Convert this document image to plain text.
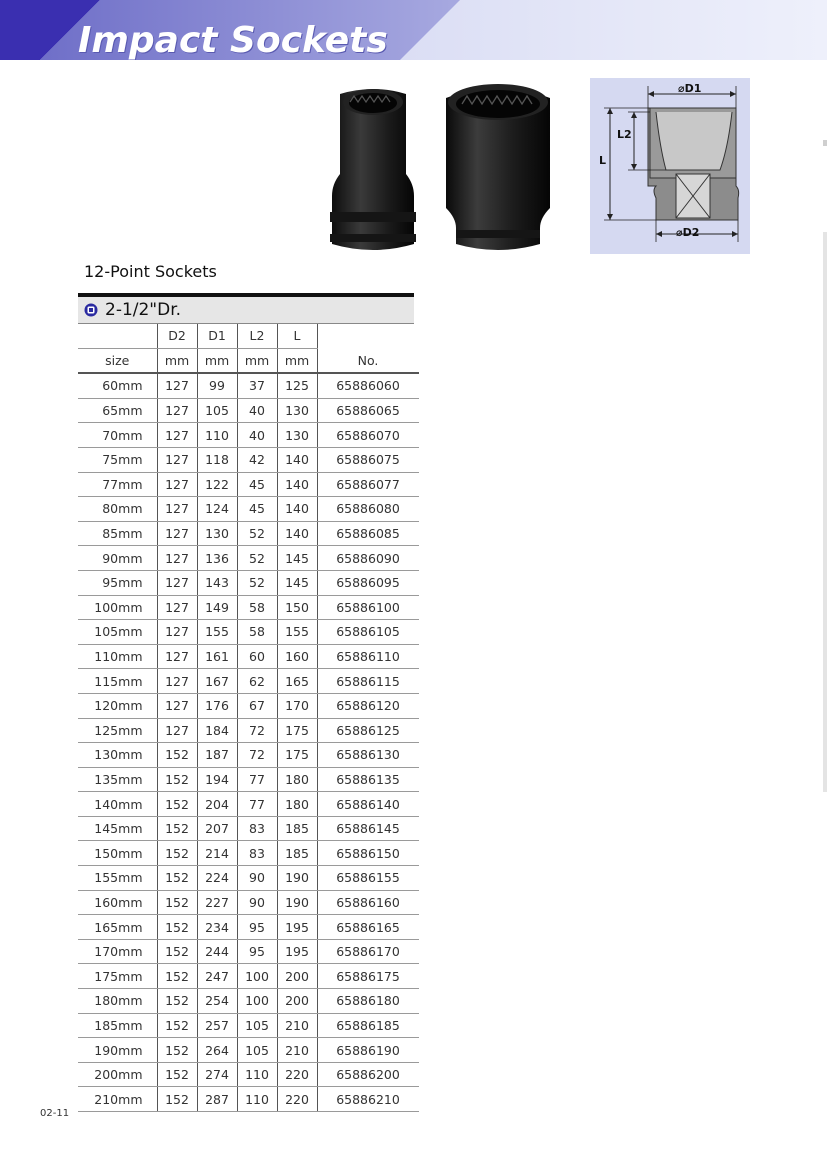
Impact Sockets
⌀D1
L2
L
⌀D2
12-Point Sockets
2-1/2"Dr.
	D2	D1	L2	L	
size	mm	mm	mm	mm	No.
60mm	127	99	37	125	65886060
65mm	127	105	40	130	65886065
70mm	127	110	40	130	65886070
75mm	127	118	42	140	65886075
77mm	127	122	45	140	65886077
80mm	127	124	45	140	65886080
85mm	127	130	52	140	65886085
90mm	127	136	52	145	65886090
95mm	127	143	52	145	65886095
100mm	127	149	58	150	65886100
105mm	127	155	58	155	65886105
110mm	127	161	60	160	65886110
115mm	127	167	62	165	65886115
120mm	127	176	67	170	65886120
125mm	127	184	72	175	65886125
130mm	152	187	72	175	65886130
135mm	152	194	77	180	65886135
140mm	152	204	77	180	65886140
145mm	152	207	83	185	65886145
150mm	152	214	83	185	65886150
155mm	152	224	90	190	65886155
160mm	152	227	90	190	65886160
165mm	152	234	95	195	65886165
170mm	152	244	95	195	65886170
175mm	152	247	100	200	65886175
180mm	152	254	100	200	65886180
185mm	152	257	105	210	65886185
190mm	152	264	105	210	65886190
200mm	152	274	110	220	65886200
210mm	152	287	110	220	65886210
02-11
